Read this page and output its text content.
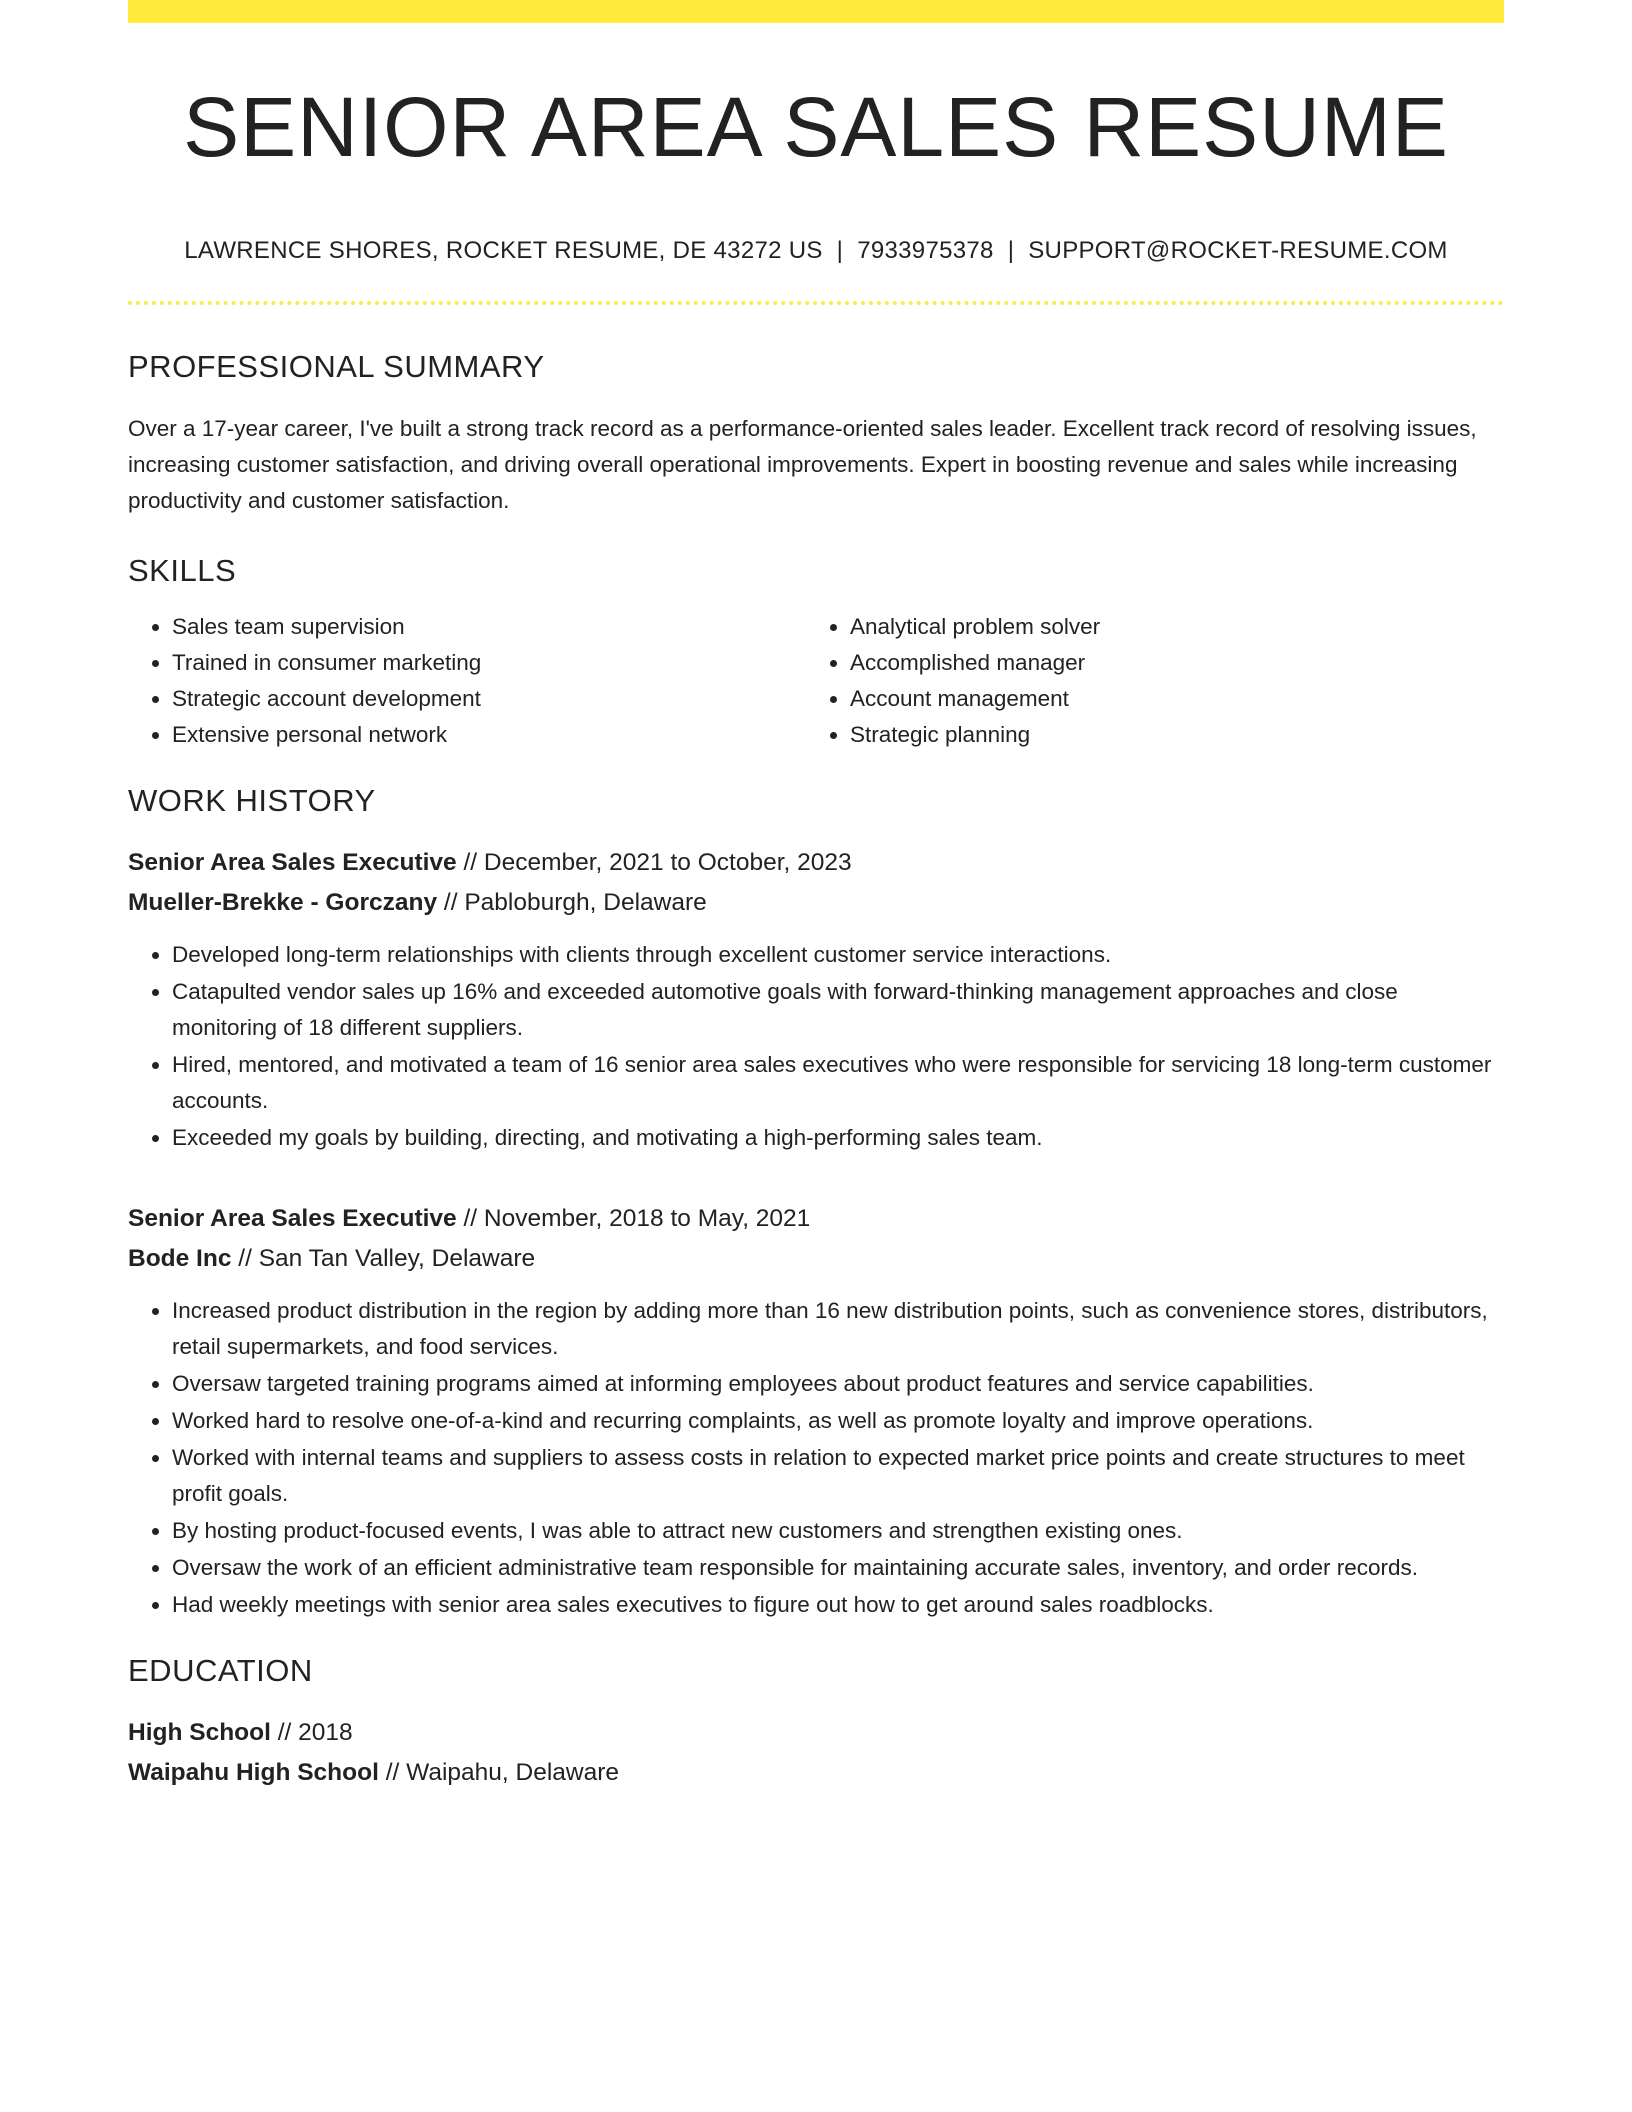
SENIOR AREA SALES RESUME
LAWRENCE SHORES, ROCKET RESUME, DE 43272 US | 7933975378 | SUPPORT@ROCKET-RESUME.COM
PROFESSIONAL SUMMARY

Over a 17-year career, I've built a strong track record as a performance-oriented sales leader. Excellent track record of resolving issues, increasing customer satisfaction, and driving overall operational improvements. Expert in boosting revenue and sales while increasing productivity and customer satisfaction.

SKILLS
• Sales team supervision
• Trained in consumer marketing
• Strategic account development
• Extensive personal network
• Analytical problem solver
• Accomplished manager
• Account management
• Strategic planning
WORK HISTORY
Senior Area Sales Executive // December, 2021 to October, 2023
Mueller-Brekke - Gorczany // Pabloburgh, Delaware
• Developed long-term relationships with clients through excellent customer service interactions.
• Catapulted vendor sales up 16% and exceeded automotive goals with forward-thinking management approaches and close monitoring of 18 different suppliers.
• Hired, mentored, and motivated a team of 16 senior area sales executives who were responsible for servicing 18 long-term customer accounts.
• Exceeded my goals by building, directing, and motivating a high-performing sales team.
Senior Area Sales Executive // November, 2018 to May, 2021
Bode Inc // San Tan Valley, Delaware
• Increased product distribution in the region by adding more than 16 new distribution points, such as convenience stores, distributors, retail supermarkets, and food services.
• Oversaw targeted training programs aimed at informing employees about product features and service capabilities.
• Worked hard to resolve one-of-a-kind and recurring complaints, as well as promote loyalty and improve operations.
• Worked with internal teams and suppliers to assess costs in relation to expected market price points and create structures to meet profit goals.
• By hosting product-focused events, I was able to attract new customers and strengthen existing ones.
• Oversaw the work of an efficient administrative team responsible for maintaining accurate sales, inventory, and order records.
• Had weekly meetings with senior area sales executives to figure out how to get around sales roadblocks.
EDUCATION
High School // 2018
Waipahu High School // Waipahu, Delaware
